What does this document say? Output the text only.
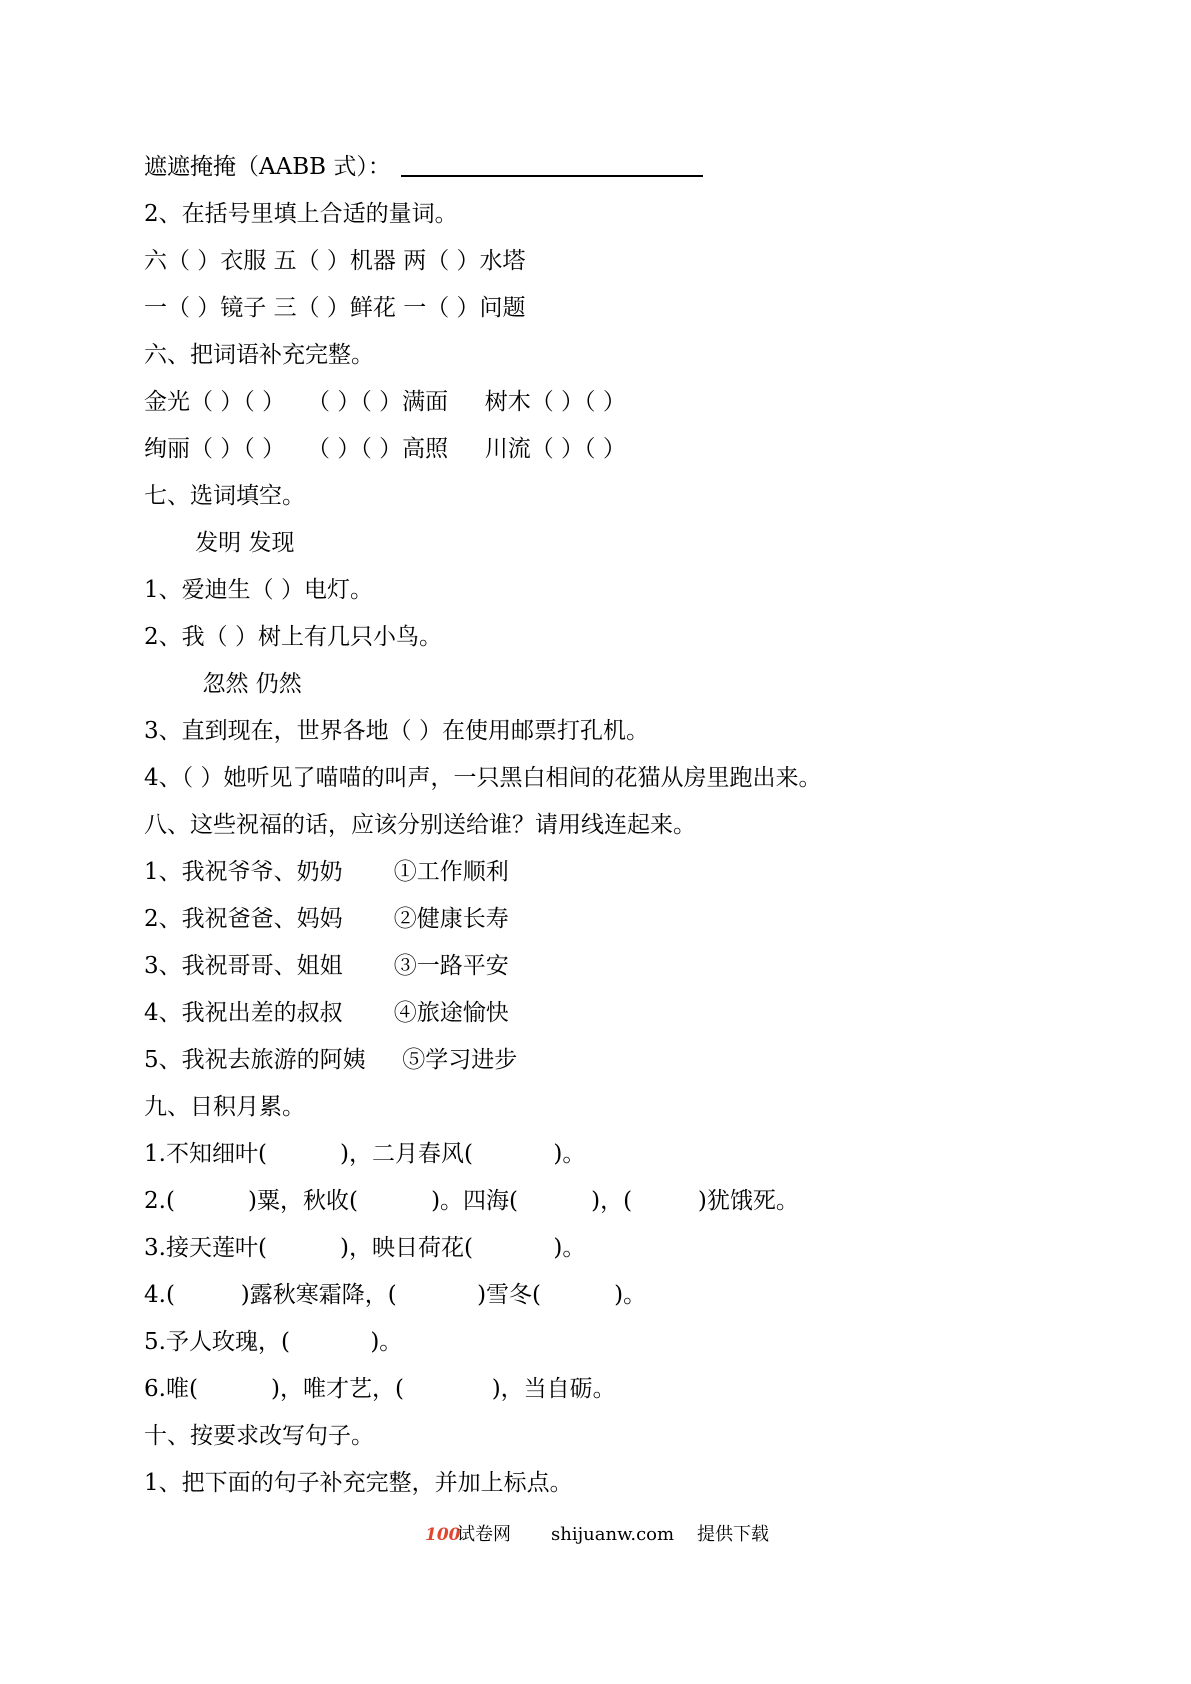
遮遮掩掩（AABB 式）：
2、在括号里填上合适的量词。
六（ ）衣服 五（ ）机器 两（ ）水塔
一（ ）镜子 三（ ）鲜花 一（ ）问题
六、把词语补充完整。
金光（ ）（ ）   （ ）（ ）满面     树木（ ）（ ）
绚丽（ ）（ ）   （ ）（ ）高照     川流（ ）（ ）
七、选词填空。
发明 发现
1、爱迪生（ ）电灯。
2、我（ ）树上有几只小鸟。
忽然 仍然
3、直到现在，世界各地（ ）在使用邮票打孔机。
4、（ ）她听见了喵喵的叫声，一只黑白相间的花猫从房里跑出来。
八、这些祝福的话，应该分别送给谁？请用线连起来。
1、我祝爷爷、奶奶       ①工作顺利
2、我祝爸爸、妈妈       ②健康长寿
3、我祝哥哥、姐姐       ③一路平安
4、我祝出差的叔叔       ④旅途愉快
5、我祝去旅游的阿姨     ⑤学习进步
九、日积月累。
1.不知细叶(          )，二月春风(           )。
2.(          )粟，秋收(          )。四海(          )，(         )犹饿死。
3.接天莲叶(          )，映日荷花(           )。
4.(         )露秋寒霜降，(           )雪冬(          )。
5.予人玫瑰，(           )。
6.唯(          )，唯才艺，(            )，当自砺。
十、按要求改写句子。
1、把下面的句子补充完整，并加上标点。
100
试卷网 shijuanw.com 提供下载
